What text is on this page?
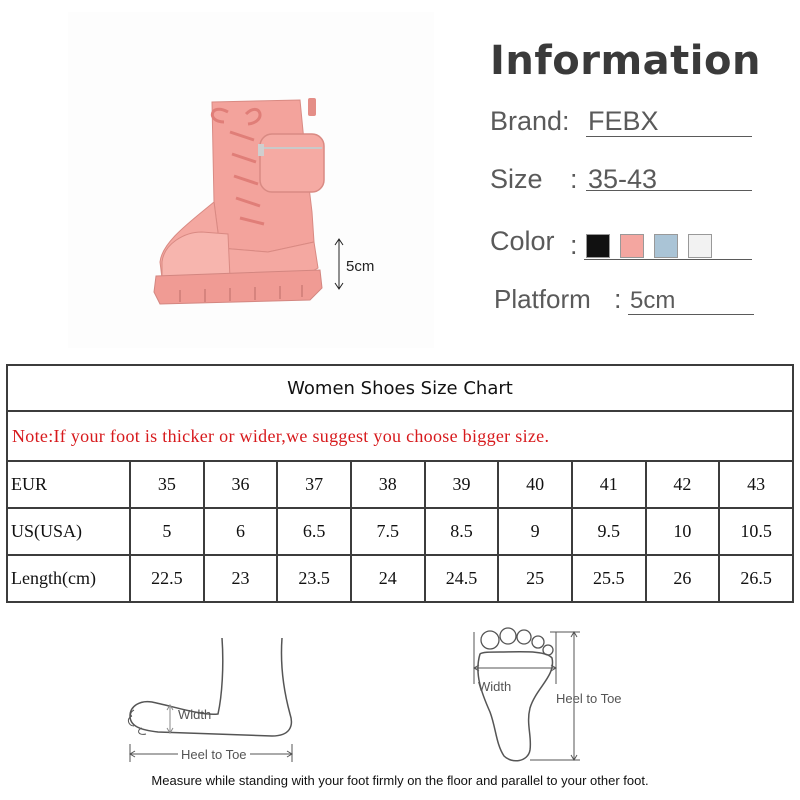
5cm
Information
Brand: FEBX
Size : 35-43
Color :
Platform : 5cm
Women Shoes Size Chart									
Note:If your foot is thicker or wider,we suggest you choose bigger size.									
EUR	35	36	37	38	39	40	41	42	43
US(USA)	5	6	6.5	7.5	8.5	9	9.5	10	10.5
Length(cm)	22.5	23	23.5	24	24.5	25	25.5	26	26.5
Width
Heel to Toe
Width
Heel to Toe
Measure while standing with your foot firmly on the floor and parallel to your other foot.
